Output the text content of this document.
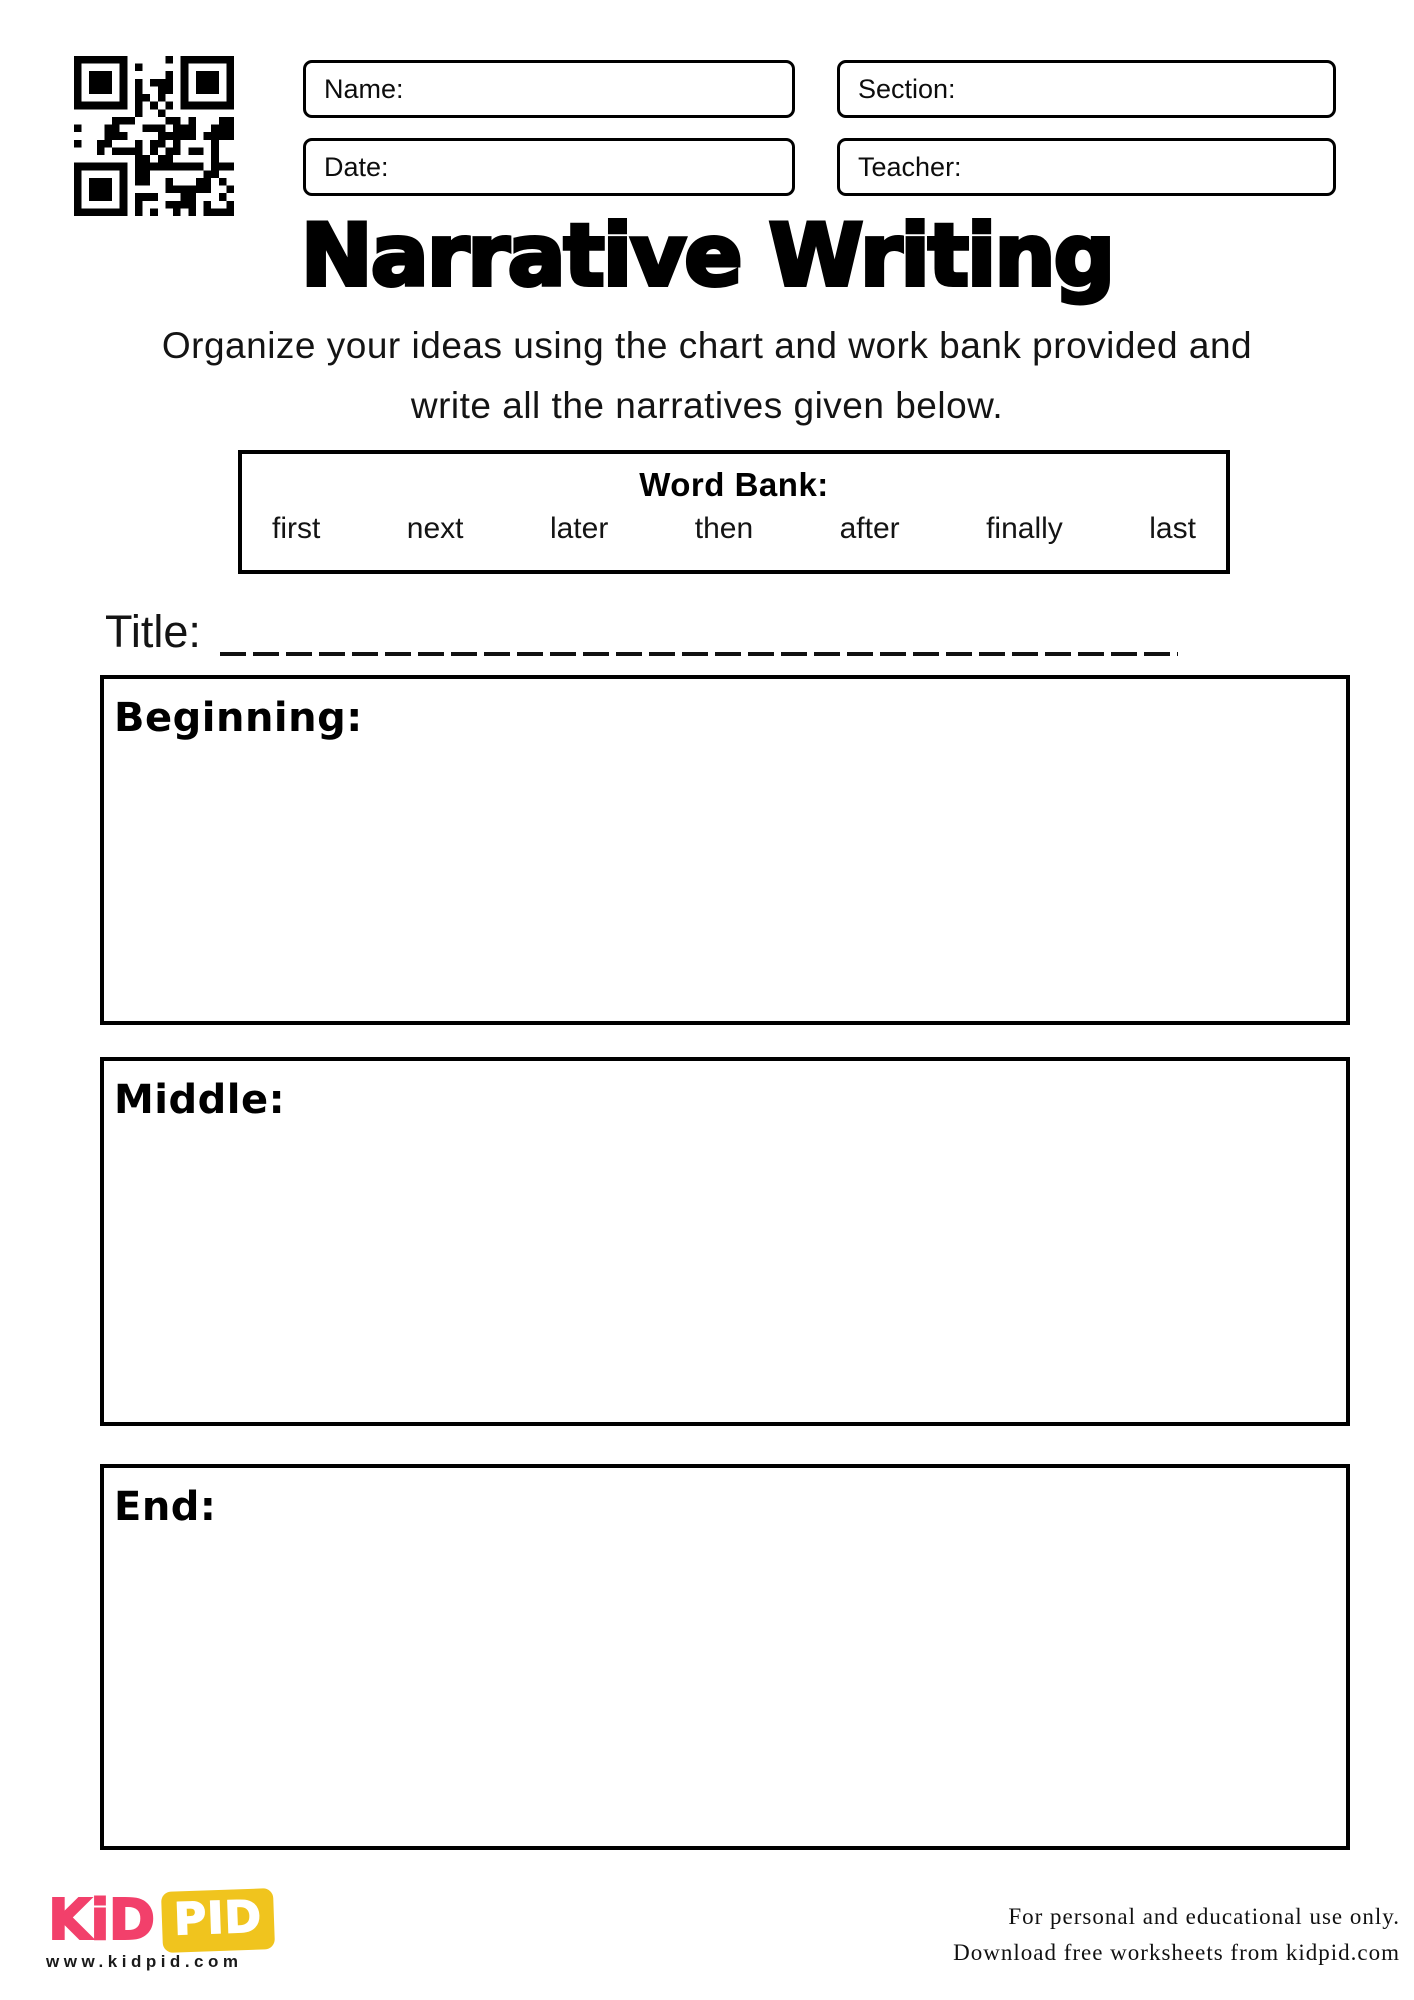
Name:	Section:
Date:	Teacher:
Narrative Writing
Organize your ideas using the chart and work bank provided and
write all the narratives given below.
Word Bank:
first	next	later	then	after	finally	last
Title:
Beginning:
Middle:
End:
KiD PID
www.kidpid.com
For personal and educational use only.
Download free worksheets from kidpid.com
